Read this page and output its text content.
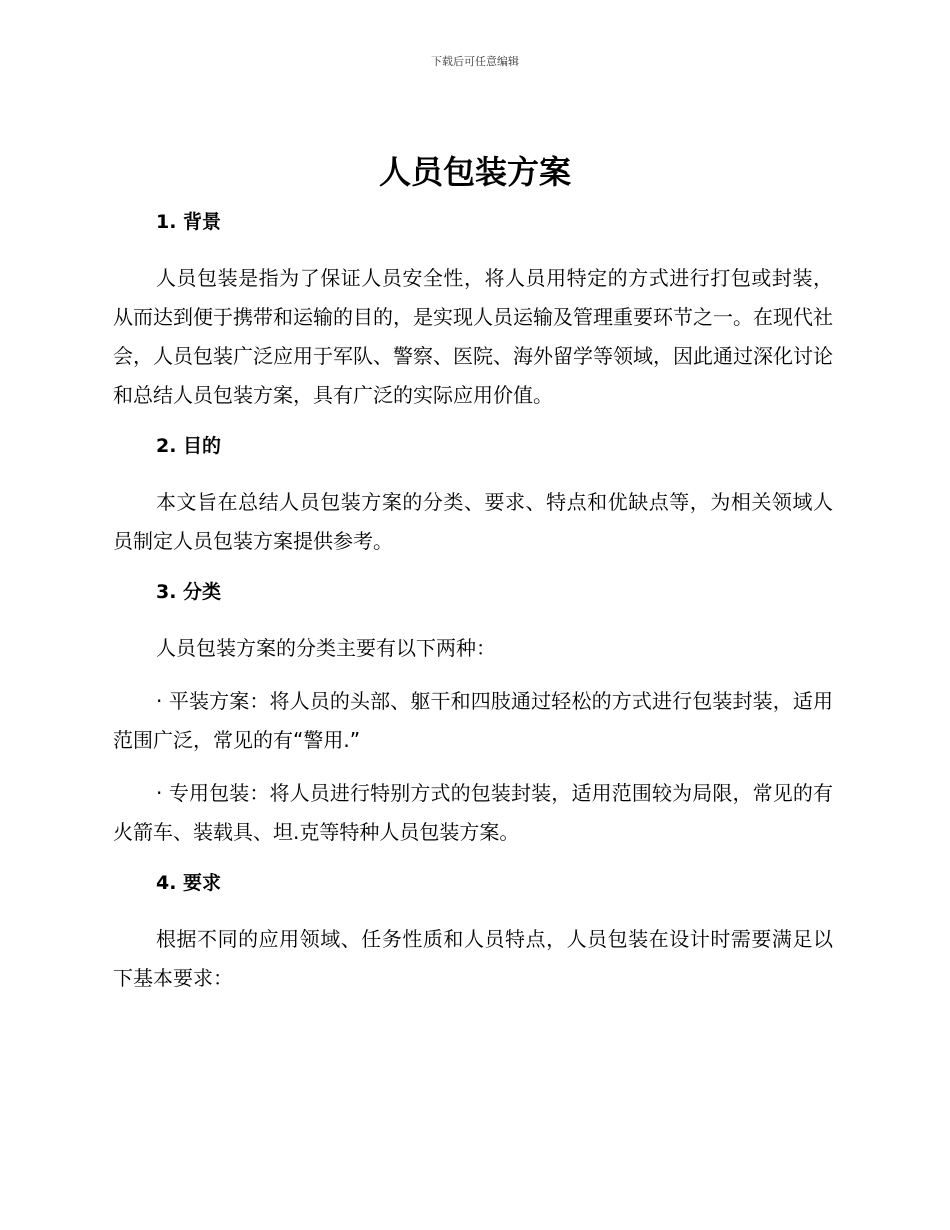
下载后可任意编辑
人员包装方案
1. 背景

人员包装是指为了保证人员安全性，将人员用特定的方式进行打包或封装，从而达到便于携带和运输的目的，是实现人员运输及管理重要环节之一。在现代社会，人员包装广泛应用于军队、警察、医院、海外留学等领域，因此通过深化讨论和总结人员包装方案，具有广泛的实际应用价值。

2. 目的

本文旨在总结人员包装方案的分类、要求、特点和优缺点等，为相关领域人员制定人员包装方案提供参考。

3. 分类

人员包装方案的分类主要有以下两种：

· 平装方案：将人员的头部、躯干和四肢通过轻松的方式进行包装封装，适用范围广泛，常见的有“警用.”

· 专用包装：将人员进行特别方式的包装封装，适用范围较为局限，常见的有火箭车、装载具、坦.克等特种人员包装方案。

4. 要求

根据不同的应用领域、任务性质和人员特点，人员包装在设计时需要满足以下基本要求：
